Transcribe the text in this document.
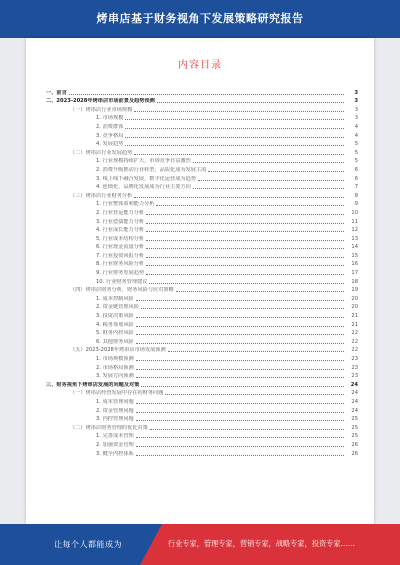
烤串店基于财务视角下发展策略研究报告
内容目录
一、前言	3
二、2023-2028年烤串店市场前景及趋势预测	3
（一）烤串店行业市场规模	3
1. 市场规模	3
2. 消费群体	4
3. 竞争格局	4
4. 发展趋势	5
（二）烤串店行业发展趋势	5
1. 行业规模持续扩大，市场竞争日益激烈	5
2. 消费升级推动行业转型，品质化成为发展主流	6
3. 线上线下融合发展，数字化运营成为趋势	6
4. 连锁化、品牌化发展成为行业主要方向	7
（三）烤串店行业财务分析	8
1. 行业整体盈利能力分析	9
2. 行业营运能力分析	10
3. 行业偿债能力分析	11
4. 行业成长能力分析	12
5. 行业成本结构分析	13
6. 行业现金流量分析	14
7. 行业投资回报分析	15
8. 行业财务风险分析	16
9. 行业财务发展趋势	17
10. 行业财务管理建议	18
（四）烤串店财务分析，财务风险与应对策略	19
1. 成本控制风险	20
2. 资金链管理风险	20
3. 投资决策风险	21
4. 税务筹划风险	21
5. 财务内控风险	22
6. 其他财务风险	22
（五）2023-2028年烤串店市场发展预测	22
1. 市场规模预测	23
2. 市场格局预测	23
3. 发展方向预测	23
三、财务视角下烤串店发展的问题及对策	24
（一）烤串店经营发展中存在的财务问题	24
1. 成本管理问题	24
2. 资金管理问题	24
3. 内控管理问题	25
（二）烤串店财务管理的优化对策	25
1. 完善成本管理	25
2. 加强资金管理	26
3. 健全内控体系	26
让每个人都能成为	行业专家，管理专家，营销专家，战略专家，投资专家……
